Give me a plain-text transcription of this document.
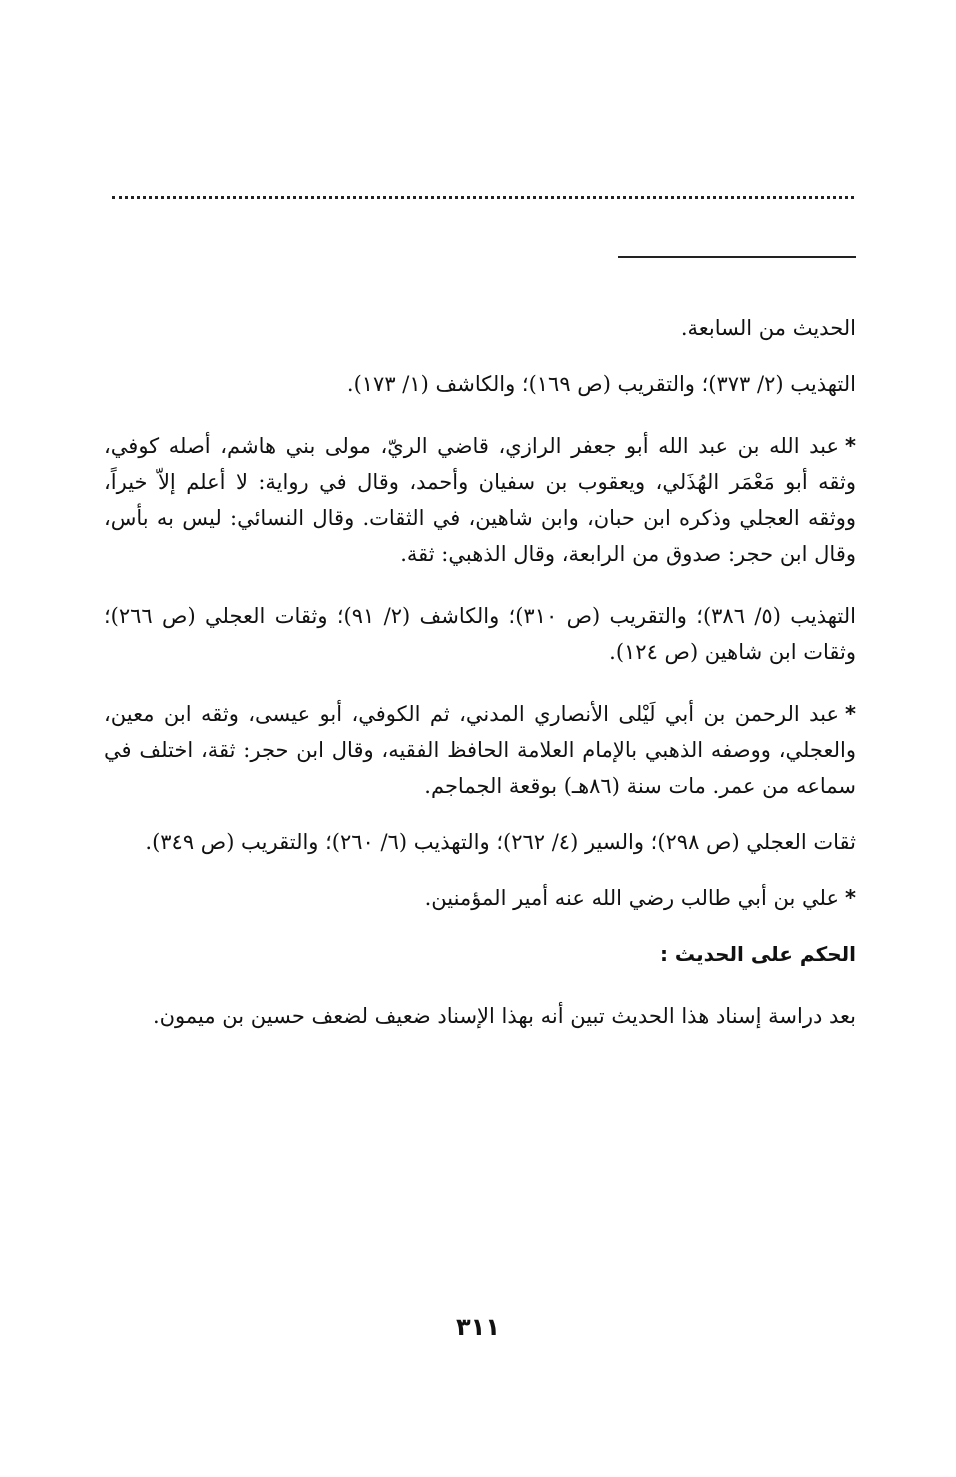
الحديث من السابعة.

التهذيب (٢/ ٣٧٣)؛ والتقريب (ص ١٦٩)؛ والكاشف (١/ ١٧٣).

*عبد الله بن عبد الله أبو جعفر الرازي، قاضي الريّ، مولى بني هاشم، أصله كوفي، وثقه أبو مَعْمَر الهُذَلي، ويعقوب بن سفيان وأحمد، وقال في رواية: لا أعلم إلاّ خيراً، ووثقه العجلي وذكره ابن حبان، وابن شاهين، في الثقات. وقال النسائي: ليس به بأس، وقال ابن حجر: صدوق من الرابعة، وقال الذهبي: ثقة.

التهذيب (٥/ ٣٨٦)؛ والتقريب (ص ٣١٠)؛ والكاشف (٢/ ٩١)؛ وثقات العجلي (ص ٢٦٦)؛ وثقات ابن شاهين (ص ١٢٤).

*عبد الرحمن بن أبي لَيْلى الأنصاري المدني، ثم الكوفي، أبو عيسى، وثقه ابن معين، والعجلي، ووصفه الذهبي بالإمام العلامة الحافظ الفقيه، وقال ابن حجر: ثقة، اختلف في سماعه من عمر. مات سنة (٨٦هـ) بوقعة الجماجم.

ثقات العجلي (ص ٢٩٨)؛ والسير (٤/ ٢٦٢)؛ والتهذيب (٦/ ٢٦٠)؛ والتقريب (ص ٣٤٩).

*علي بن أبي طالب رضي الله عنه أمير المؤمنين.

الحكم على الحديث :

بعد دراسة إسناد هذا الحديث تبين أنه بهذا الإسناد ضعيف لضعف حسين بن ميمون.

٣١١
